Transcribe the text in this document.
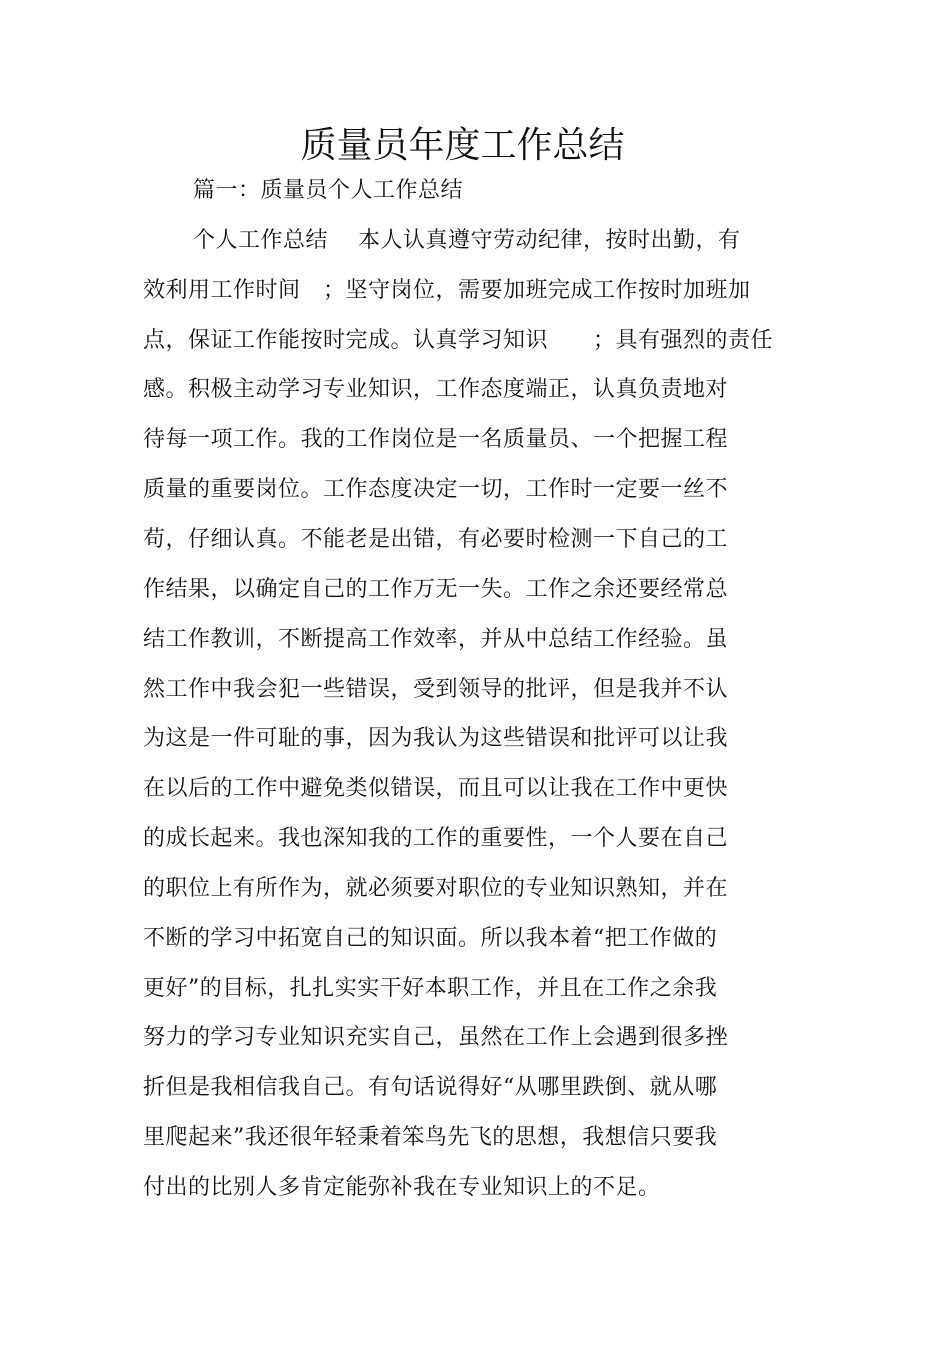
质量员年度工作总结
篇一：质量员个人工作总结
个人工作总结　 本人认真遵守劳动纪律，按时出勤，有
效利用工作时间　；坚守岗位，需要加班完成工作按时加班加
点，保证工作能按时完成。认真学习知识　　；具有强烈的责任
感。积极主动学习专业知识，工作态度端正，认真负责地对
待每一项工作。我的工作岗位是一名质量员、一个把握工程
质量的重要岗位。工作态度决定一切，工作时一定要一丝不
苟，仔细认真。不能老是出错，有必要时检测一下自己的工
作结果，以确定自己的工作万无一失。工作之余还要经常总
结工作教训，不断提高工作效率，并从中总结工作经验。虽
然工作中我会犯一些错误，受到领导的批评，但是我并不认
为这是一件可耻的事，因为我认为这些错误和批评可以让我
在以后的工作中避免类似错误，而且可以让我在工作中更快
的成长起来。我也深知我的工作的重要性，一个人要在自己
的职位上有所作为，就必须要对职位的专业知识熟知，并在
不断的学习中拓宽自己的知识面。所以我本着“把工作做的
更好”的目标，扎扎实实干好本职工作，并且在工作之余我
努力的学习专业知识充实自己，虽然在工作上会遇到很多挫
折但是我相信我自己。有句话说得好“从哪里跌倒、就从哪
里爬起来”我还很年轻秉着笨鸟先飞的思想，我想信只要我
付出的比别人多肯定能弥补我在专业知识上的不足。
